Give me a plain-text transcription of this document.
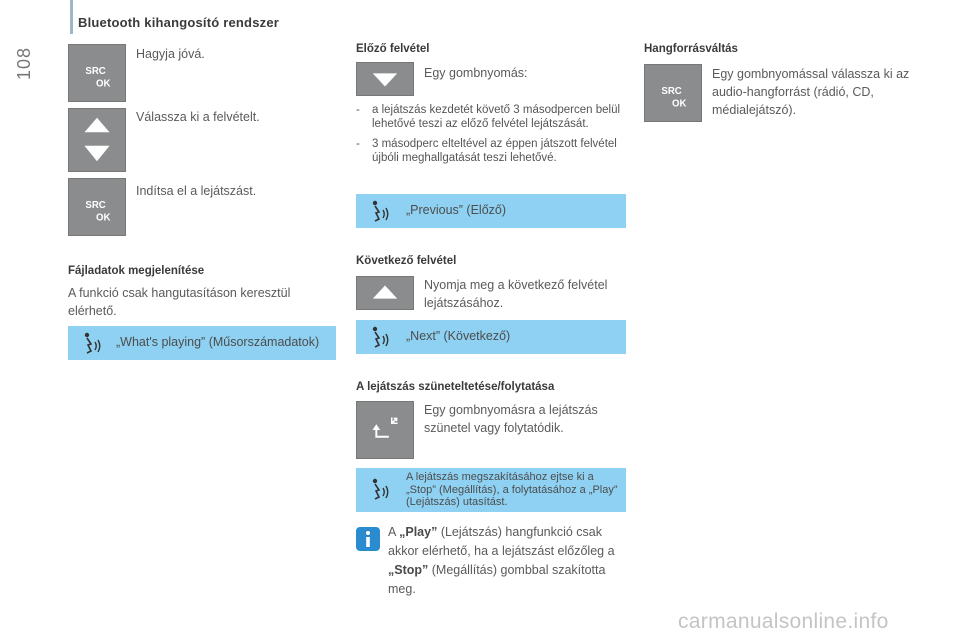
Bluetooth kihangosító rendszer
108	SRC
OK
Hagyja jóvá.
Válassza ki a felvételt.
SRC
OK
Indítsa el a lejátszást.
Fájladatok megjelenítése
A funkció csak hangutasításon keresztül elérhető.
„What's playing” (Műsorszámadatok)
Előző felvétel
Egy gombnyomás:
- a lejátszás kezdetét követő 3 másodpercen belül lehetővé teszi az előző felvétel lejátszását.
- 3 másodperc elteltével az éppen játszott felvétel újbóli meghallgatását teszi lehetővé.
„Previous” (Előző)
Következő felvétel
Nyomja meg a következő felvétel lejátszásához.
„Next” (Következő)
A lejátszás szüneteltetése/folytatása
Egy gombnyomásra a lejátszás szünetel vagy folytatódik.
A lejátszás megszakításához ejtse ki a „Stop” (Megállítás), a folytatásához a „Play” (Lejátszás) utasítást.
A „Play” (Lejátszás) hangfunkció csak akkor elérhető, ha a lejátszást előzőleg a „Stop” (Megállítás) gombbal szakította meg.
Hangforrásváltás
SRC
OK
Egy gombnyomással válassza ki az audio-hangforrást (rádió, CD, médialejátszó).
carmanualsonline.info
